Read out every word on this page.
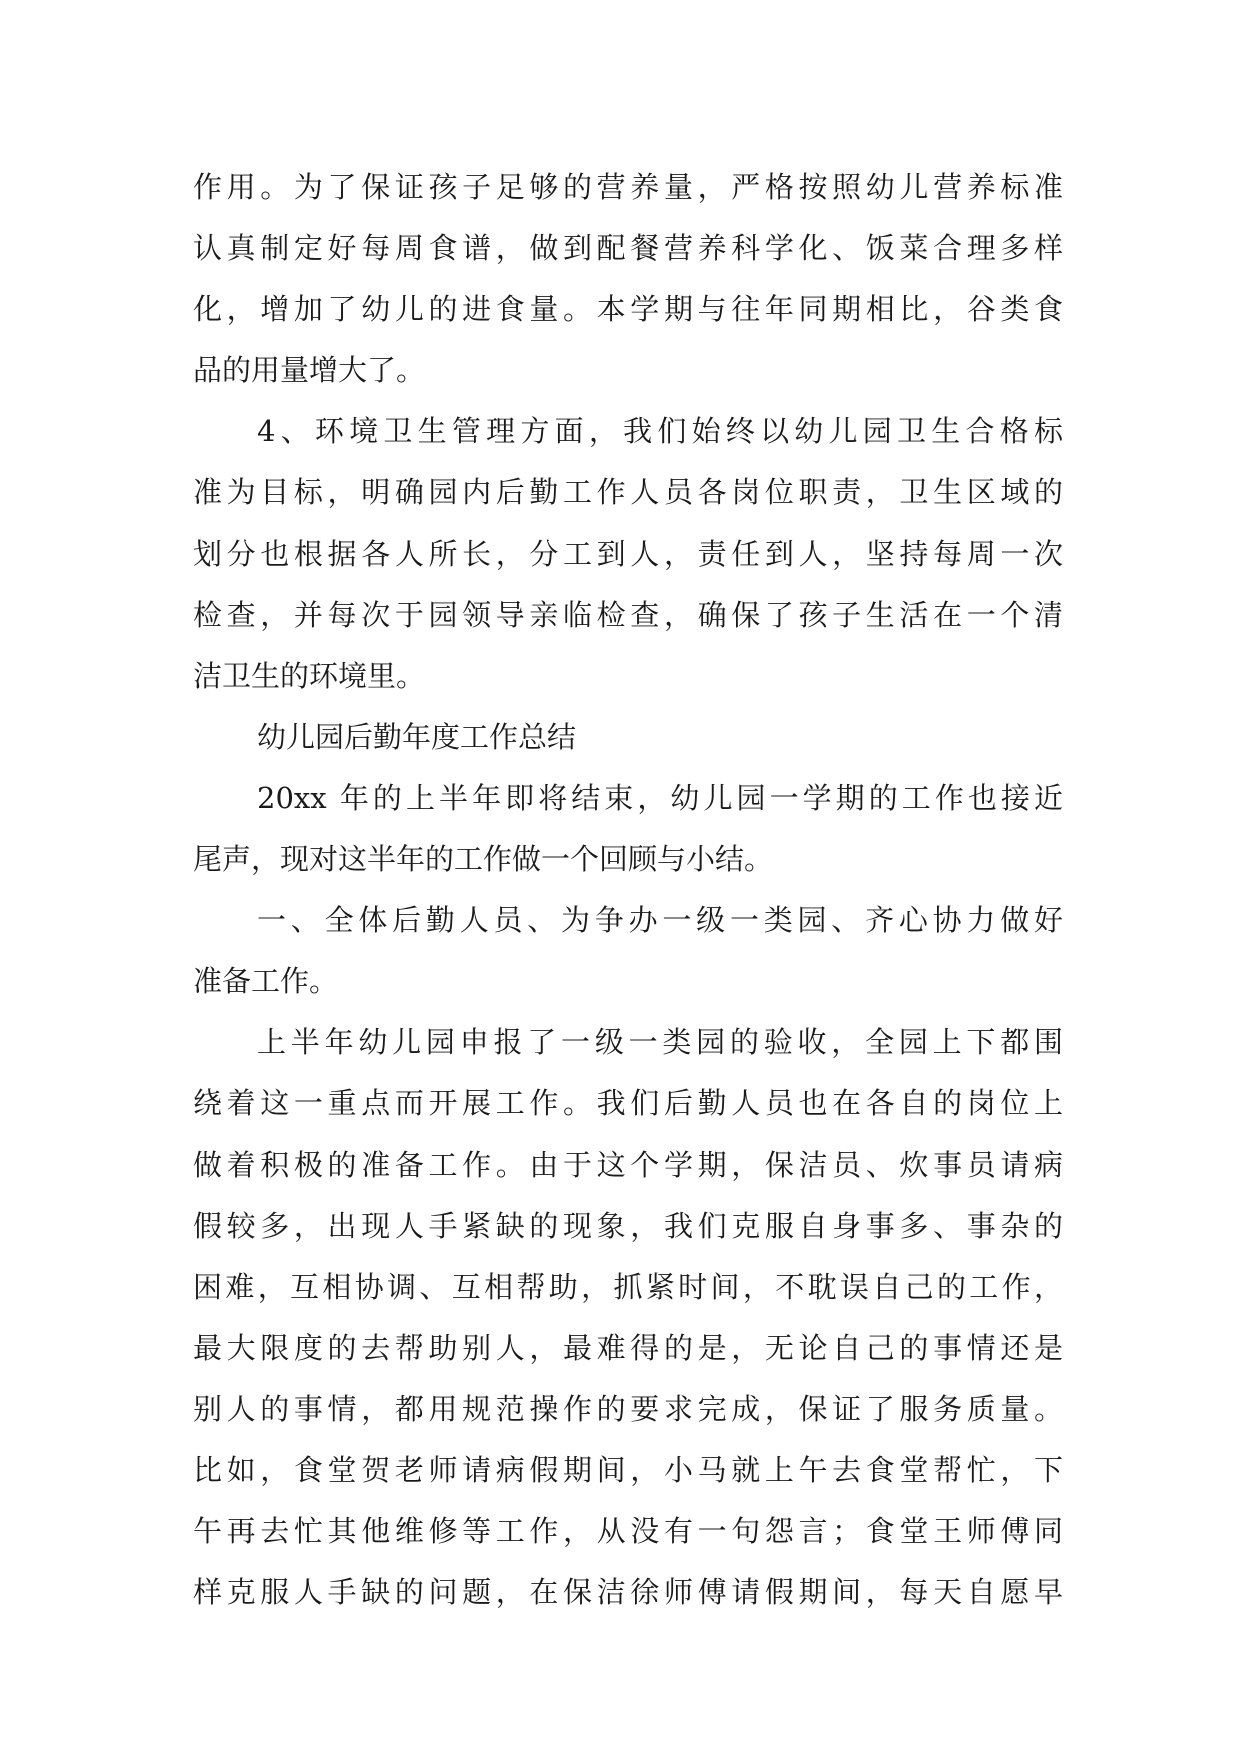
作用。为了保证孩子足够的营养量，严格按照幼儿营养标准
认真制定好每周食谱，做到配餐营养科学化、饭菜合理多样
化，增加了幼儿的进食量。本学期与往年同期相比，谷类食
品的用量增大了。
4、环境卫生管理方面，我们始终以幼儿园卫生合格标
准为目标，明确园内后勤工作人员各岗位职责，卫生区域的
划分也根据各人所长，分工到人，责任到人，坚持每周一次
检查，并每次于园领导亲临检查，确保了孩子生活在一个清
洁卫生的环境里。
幼儿园后勤年度工作总结
20xx 年的上半年即将结束，幼儿园一学期的工作也接近
尾声，现对这半年的工作做一个回顾与小结。
一、全体后勤人员、为争办一级一类园、齐心协力做好
准备工作。
上半年幼儿园申报了一级一类园的验收，全园上下都围
绕着这一重点而开展工作。我们后勤人员也在各自的岗位上
做着积极的准备工作。由于这个学期，保洁员、炊事员请病
假较多，出现人手紧缺的现象，我们克服自身事多、事杂的
困难，互相协调、互相帮助，抓紧时间，不耽误自己的工作，
最大限度的去帮助别人，最难得的是，无论自己的事情还是
别人的事情，都用规范操作的要求完成，保证了服务质量。
比如，食堂贺老师请病假期间，小马就上午去食堂帮忙，下
午再去忙其他维修等工作，从没有一句怨言；食堂王师傅同
样克服人手缺的问题，在保洁徐师傅请假期间，每天自愿早
